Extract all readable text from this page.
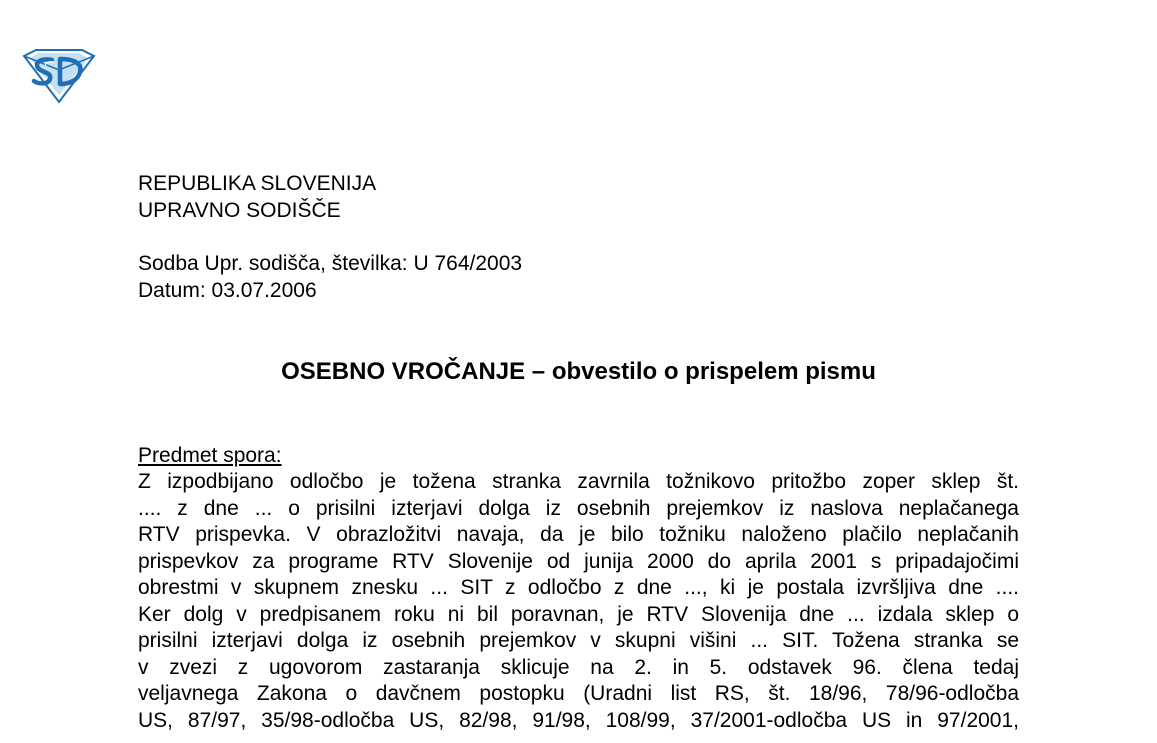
REPUBLIKA SLOVENIJA
UPRAVNO SODIŠČE
Sodba Upr. sodišča, številka: U 764/2003
Datum: 03.07.2006
OSEBNO VROČANJE – obvestilo o prispelem pismu
Predmet spora:
Z izpodbijano odločbo je tožena stranka zavrnila tožnikovo pritožbo zoper sklep št.
.... z dne ... o prisilni izterjavi dolga iz osebnih prejemkov iz naslova neplačanega
RTV prispevka. V obrazložitvi navaja, da je bilo tožniku naloženo plačilo neplačanih
prispevkov za programe RTV Slovenije od junija 2000 do aprila 2001 s pripadajočimi
obrestmi v skupnem znesku ... SIT z odločbo z dne ..., ki je postala izvršljiva dne ....
Ker dolg v predpisanem roku ni bil poravnan, je RTV Slovenija dne ... izdala sklep o
prisilni izterjavi dolga iz osebnih prejemkov v skupni višini ... SIT. Tožena stranka se
v zvezi z ugovorom zastaranja sklicuje na 2. in 5. odstavek 96. člena tedaj
veljavnega Zakona o davčnem postopku (Uradni list RS, št. 18/96, 78/96-odločba
US, 87/97, 35/98-odločba US, 82/98, 91/98, 108/99, 37/2001-odločba US in 97/2001,
